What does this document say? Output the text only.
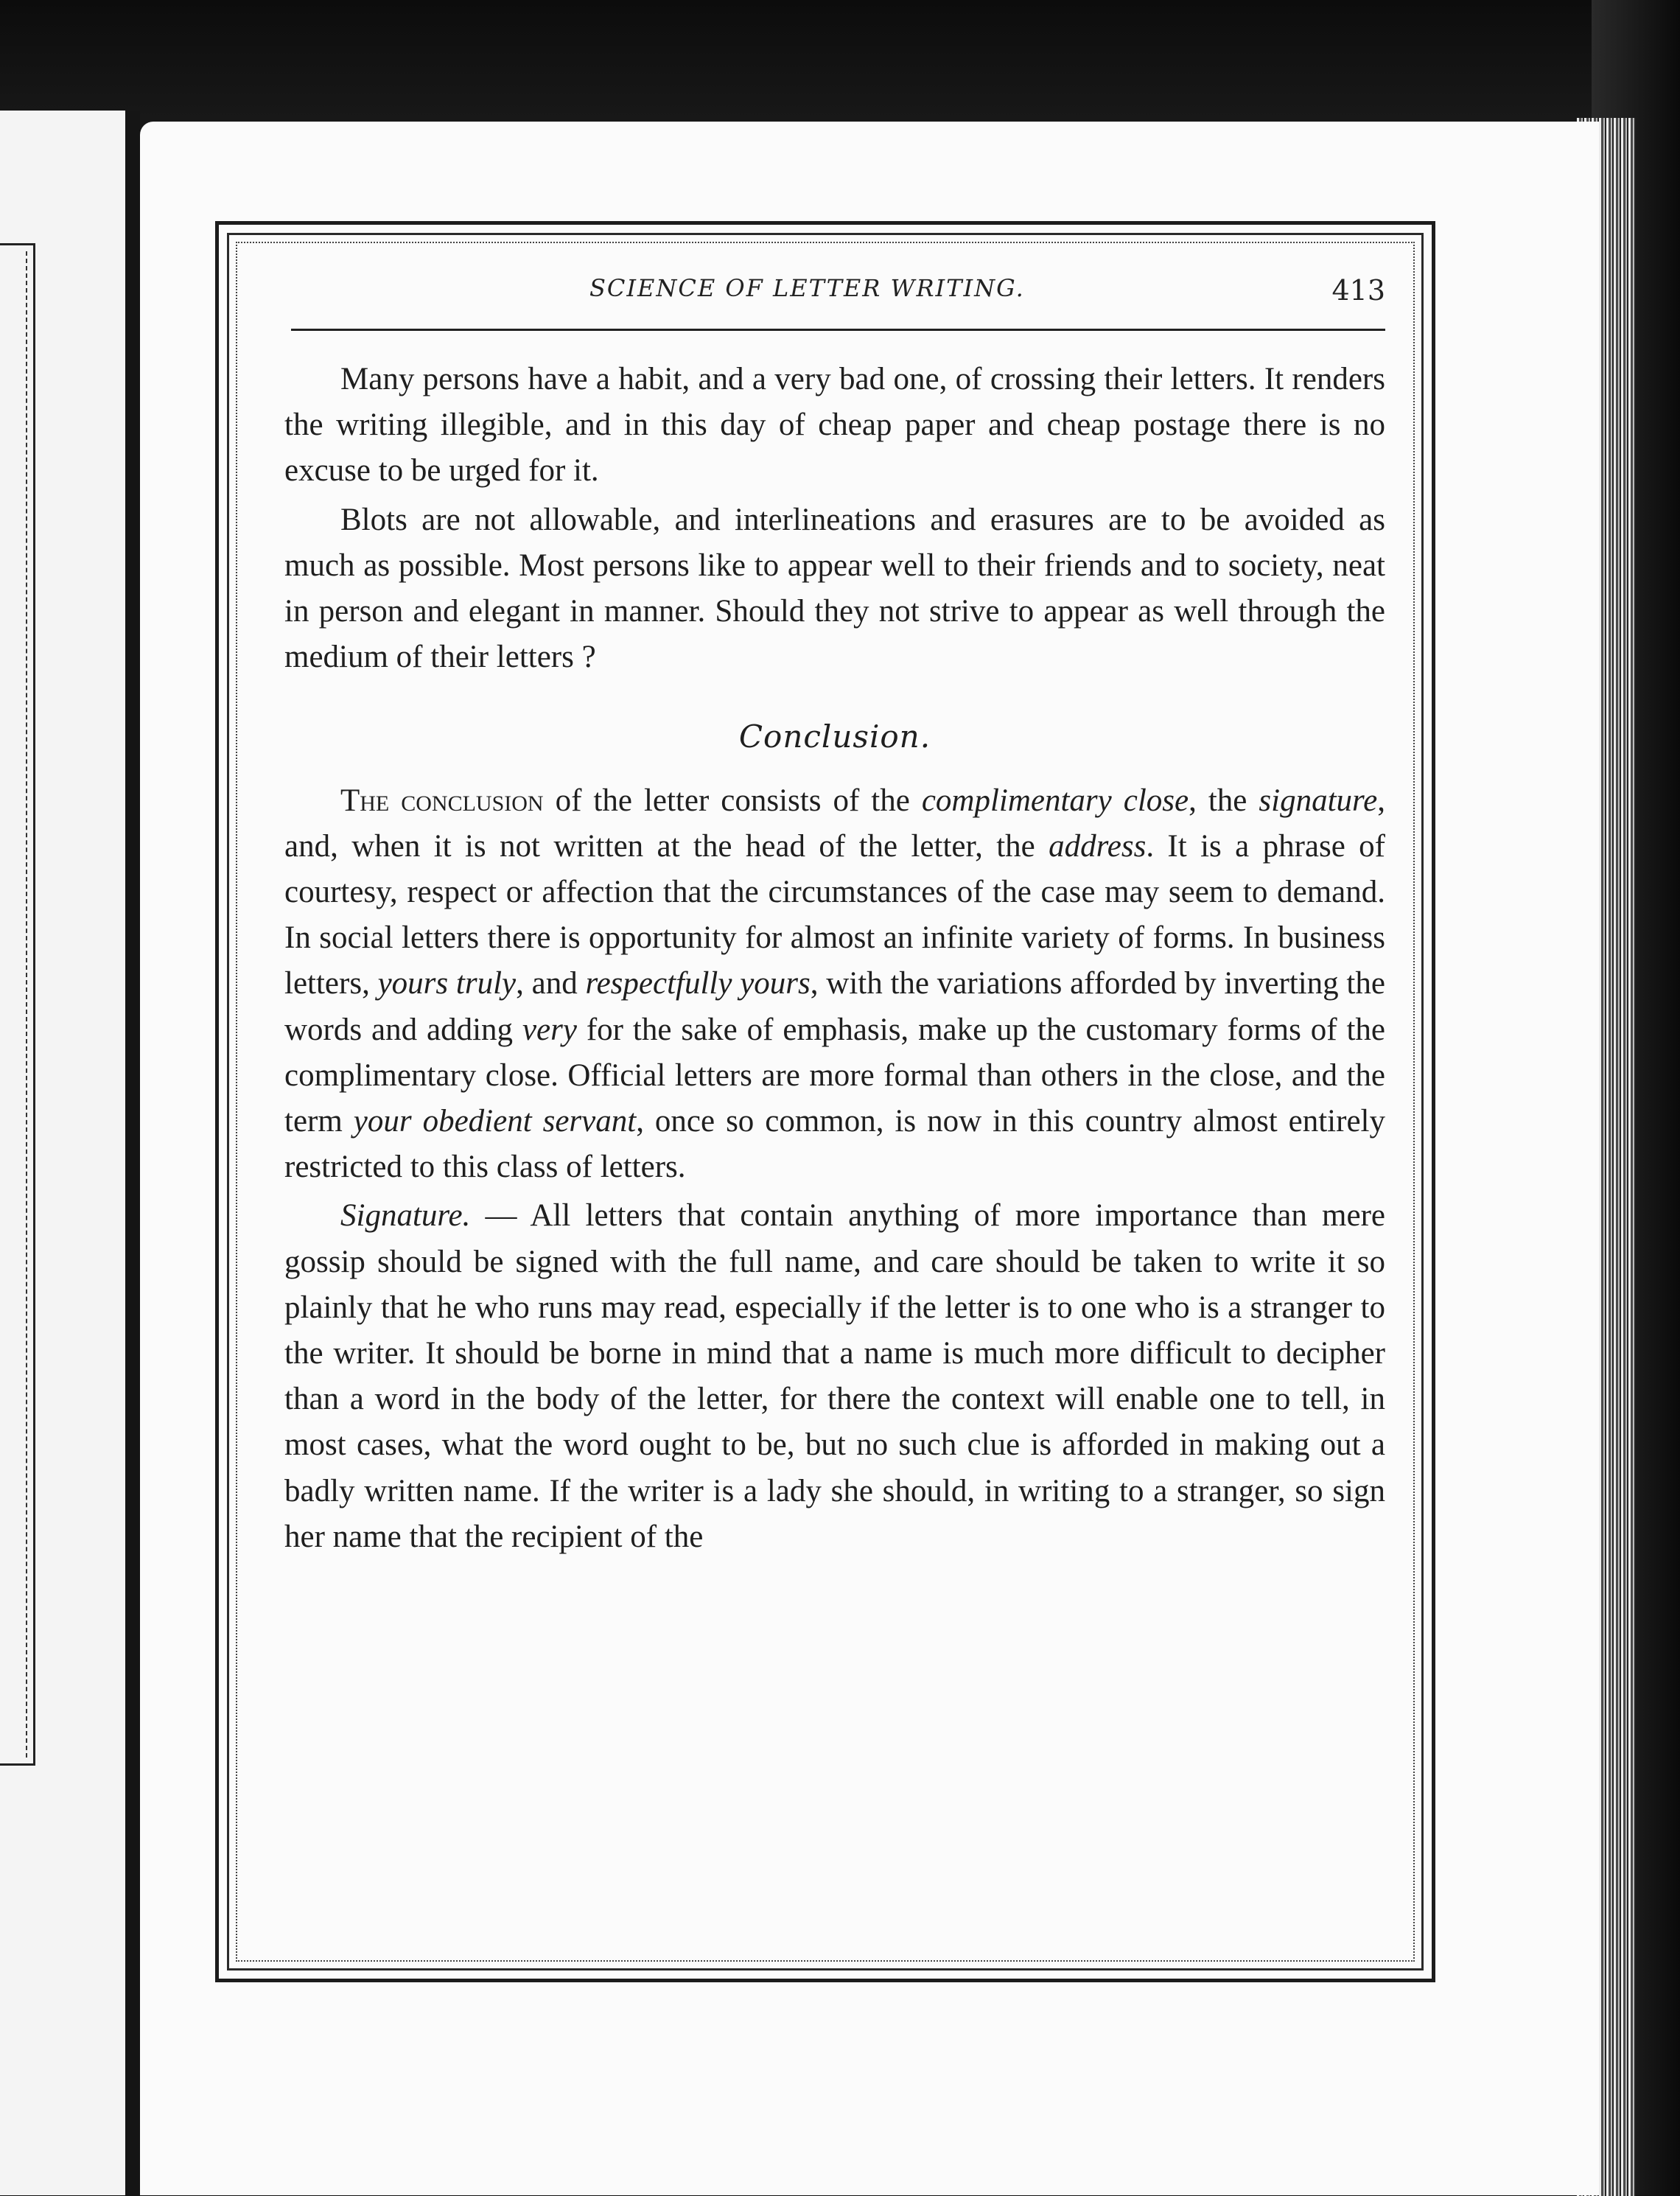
SCIENCE OF LETTER WRITING.	413

Many persons have a habit, and a very bad one, of crossing their letters. It renders the writing illegible, and in this day of cheap paper and cheap postage there is no excuse to be urged for it.

Blots are not allowable, and interlineations and erasures are to be avoided as much as possible. Most persons like to appear well to their friends and to society, neat in person and elegant in manner. Should they not strive to appear as well through the medium of their letters ?

Conclusion.

The conclusion of the letter consists of the complimentary close, the signature, and, when it is not written at the head of the letter, the address. It is a phrase of courtesy, respect or affection that the circumstances of the case may seem to demand. In social letters there is opportunity for almost an infinite variety of forms. In business letters, yours truly, and respectfully yours, with the variations afforded by inverting the words and adding very for the sake of emphasis, make up the customary forms of the complimentary close. Official letters are more formal than others in the close, and the term your obedient servant, once so common, is now in this country almost entirely restricted to this class of letters.

Signature. — All letters that contain anything of more importance than mere gossip should be signed with the full name, and care should be taken to write it so plainly that he who runs may read, especially if the letter is to one who is a stranger to the writer. It should be borne in mind that a name is much more difficult to decipher than a word in the body of the letter, for there the context will enable one to tell, in most cases, what the word ought to be, but no such clue is afforded in making out a badly written name. If the writer is a lady she should, in writing to a stranger, so sign her name that the recipient of the
